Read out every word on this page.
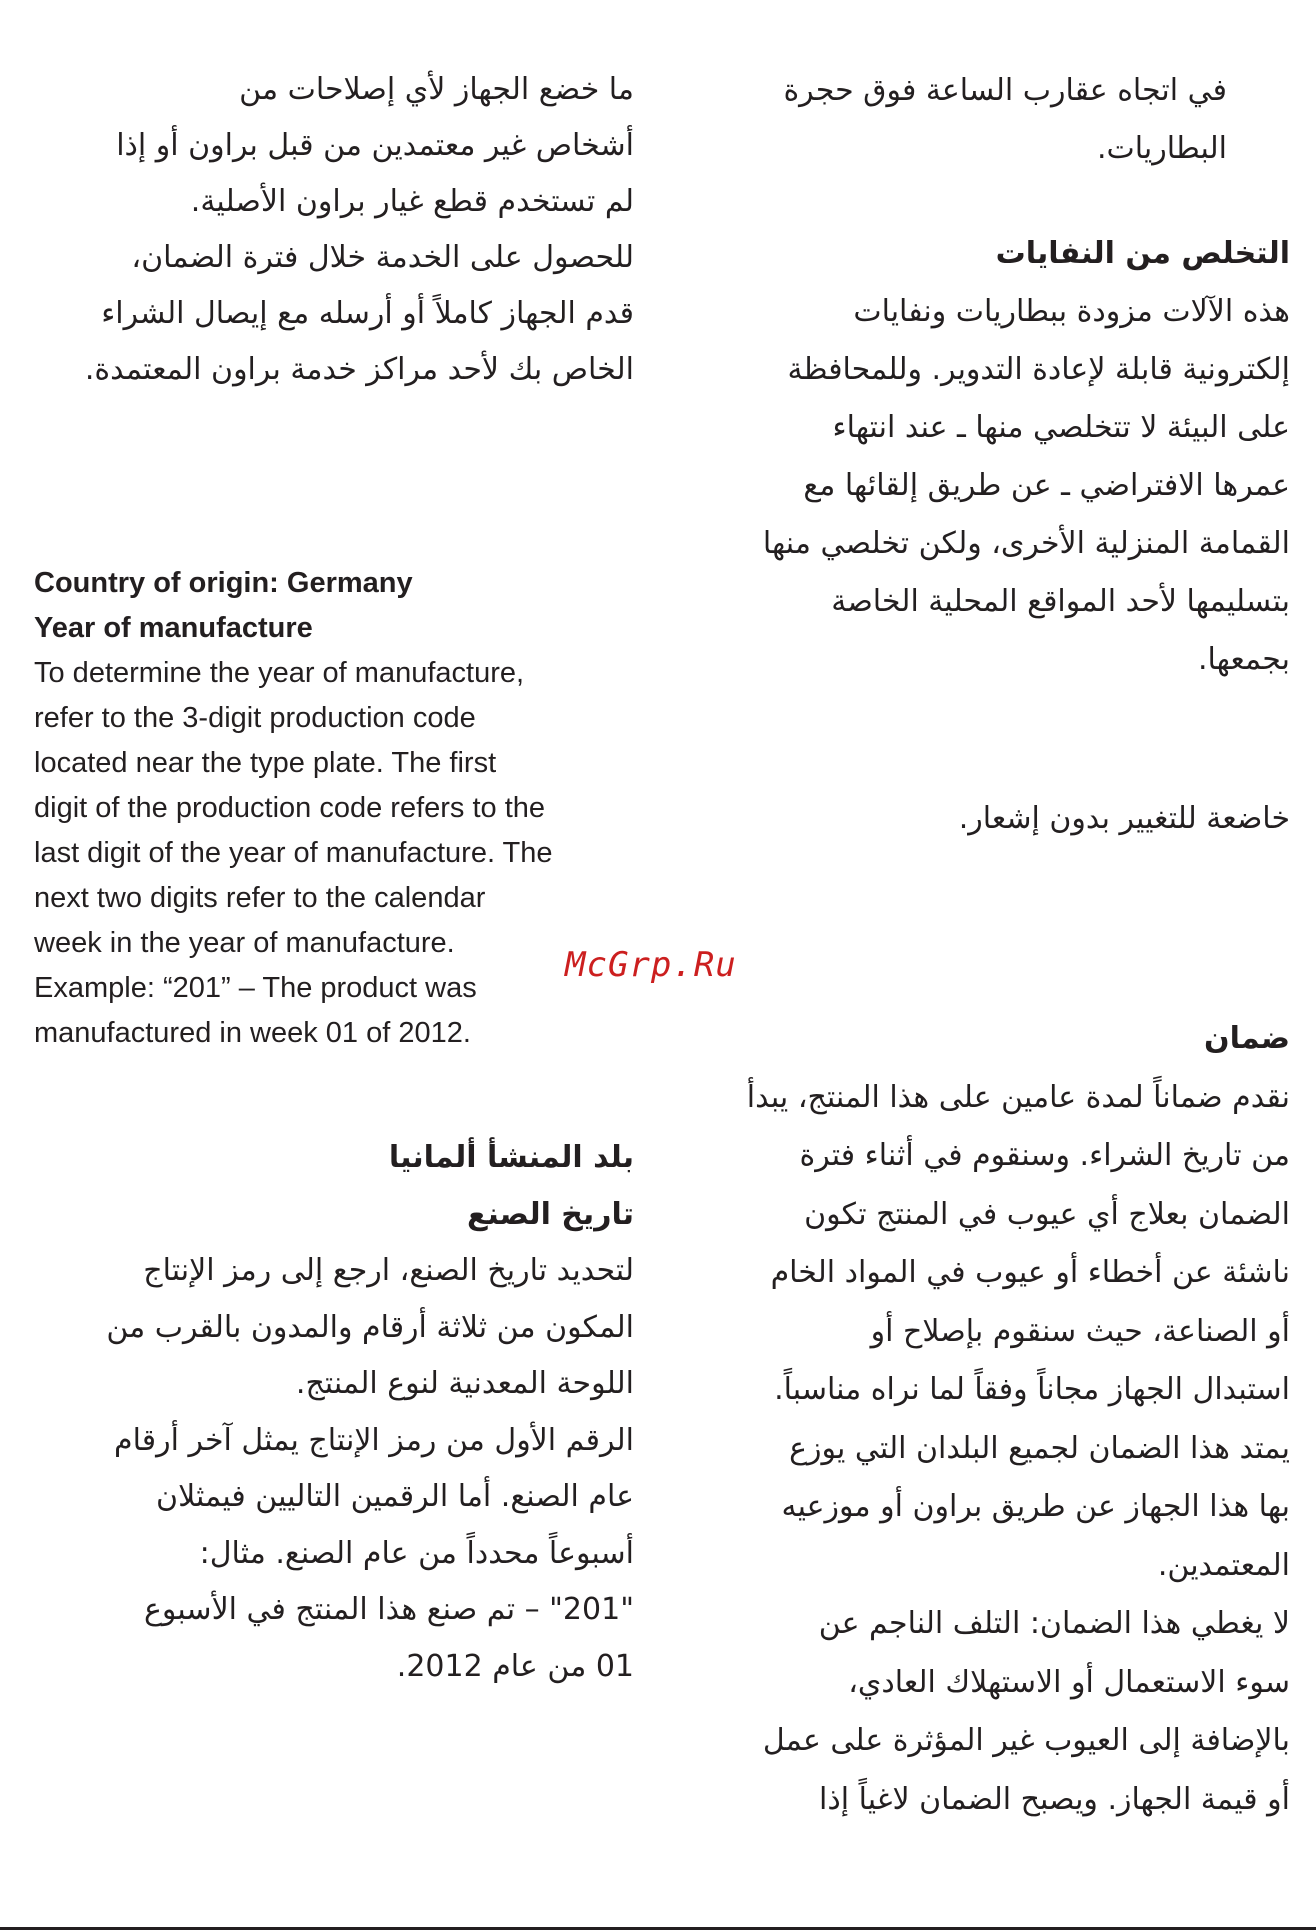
في اتجاه عقارب الساعة فوق حجرة
البطاريات.
التخلص من النفايات
هذه الآلات مزودة ببطاريات ونفايات
إلكترونية قابلة لإعادة التدوير. وللمحافظة
على البيئة لا تتخلصي منها ـ عند انتهاء
عمرها الافتراضي ـ عن طريق إلقائها مع
القمامة المنزلية الأخرى، ولكن تخلصي منها
بتسليمها لأحد المواقع المحلية الخاصة
بجمعها.
خاضعة للتغيير بدون إشعار.
ضمان
نقدم ضماناً لمدة عامين على هذا المنتج، يبدأ
من تاريخ الشراء. وسنقوم في أثناء فترة
الضمان بعلاج أي عيوب في المنتج تكون
ناشئة عن أخطاء أو عيوب في المواد الخام
أو الصناعة، حيث سنقوم بإصلاح أو
استبدال الجهاز مجاناً وفقاً لما نراه مناسباً.
يمتد هذا الضمان لجميع البلدان التي يوزع
بها هذا الجهاز عن طريق براون أو موزعيه
المعتمدين.
لا يغطي هذا الضمان: التلف الناجم عن
سوء الاستعمال أو الاستهلاك العادي،
بالإضافة إلى العيوب غير المؤثرة على عمل
أو قيمة الجهاز. ويصبح الضمان لاغياً إذا
ما خضع الجهاز لأي إصلاحات من
أشخاص غير معتمدين من قبل براون أو إذا
لم تستخدم قطع غيار براون الأصلية.
للحصول على الخدمة خلال فترة الضمان،
قدم الجهاز كاملاً أو أرسله مع إيصال الشراء
الخاص بك لأحد مراكز خدمة براون المعتمدة.
Country of origin: Germany
Year of manufacture
To determine the year of manufacture,
refer to the 3-digit production code
located near the type plate. The first
digit of the production code refers to the
last digit of the year of manufacture. The
next two digits refer to the calendar
week in the year of manufacture.
Example: “201” – The product was
manufactured in week 01 of 2012.
بلد المنشأ ألمانيا
تاريخ الصنع
لتحديد تاريخ الصنع، ارجع إلى رمز الإنتاج
المكون من ثلاثة أرقام والمدون بالقرب من
اللوحة المعدنية لنوع المنتج.
الرقم الأول من رمز الإنتاج يمثل آخر أرقام
عام الصنع. أما الرقمين التاليين فيمثلان
أسبوعاً محدداً من عام الصنع. مثال:
"201" – تم صنع هذا المنتج في الأسبوع
01 من عام 2012.
McGrp.Ru
